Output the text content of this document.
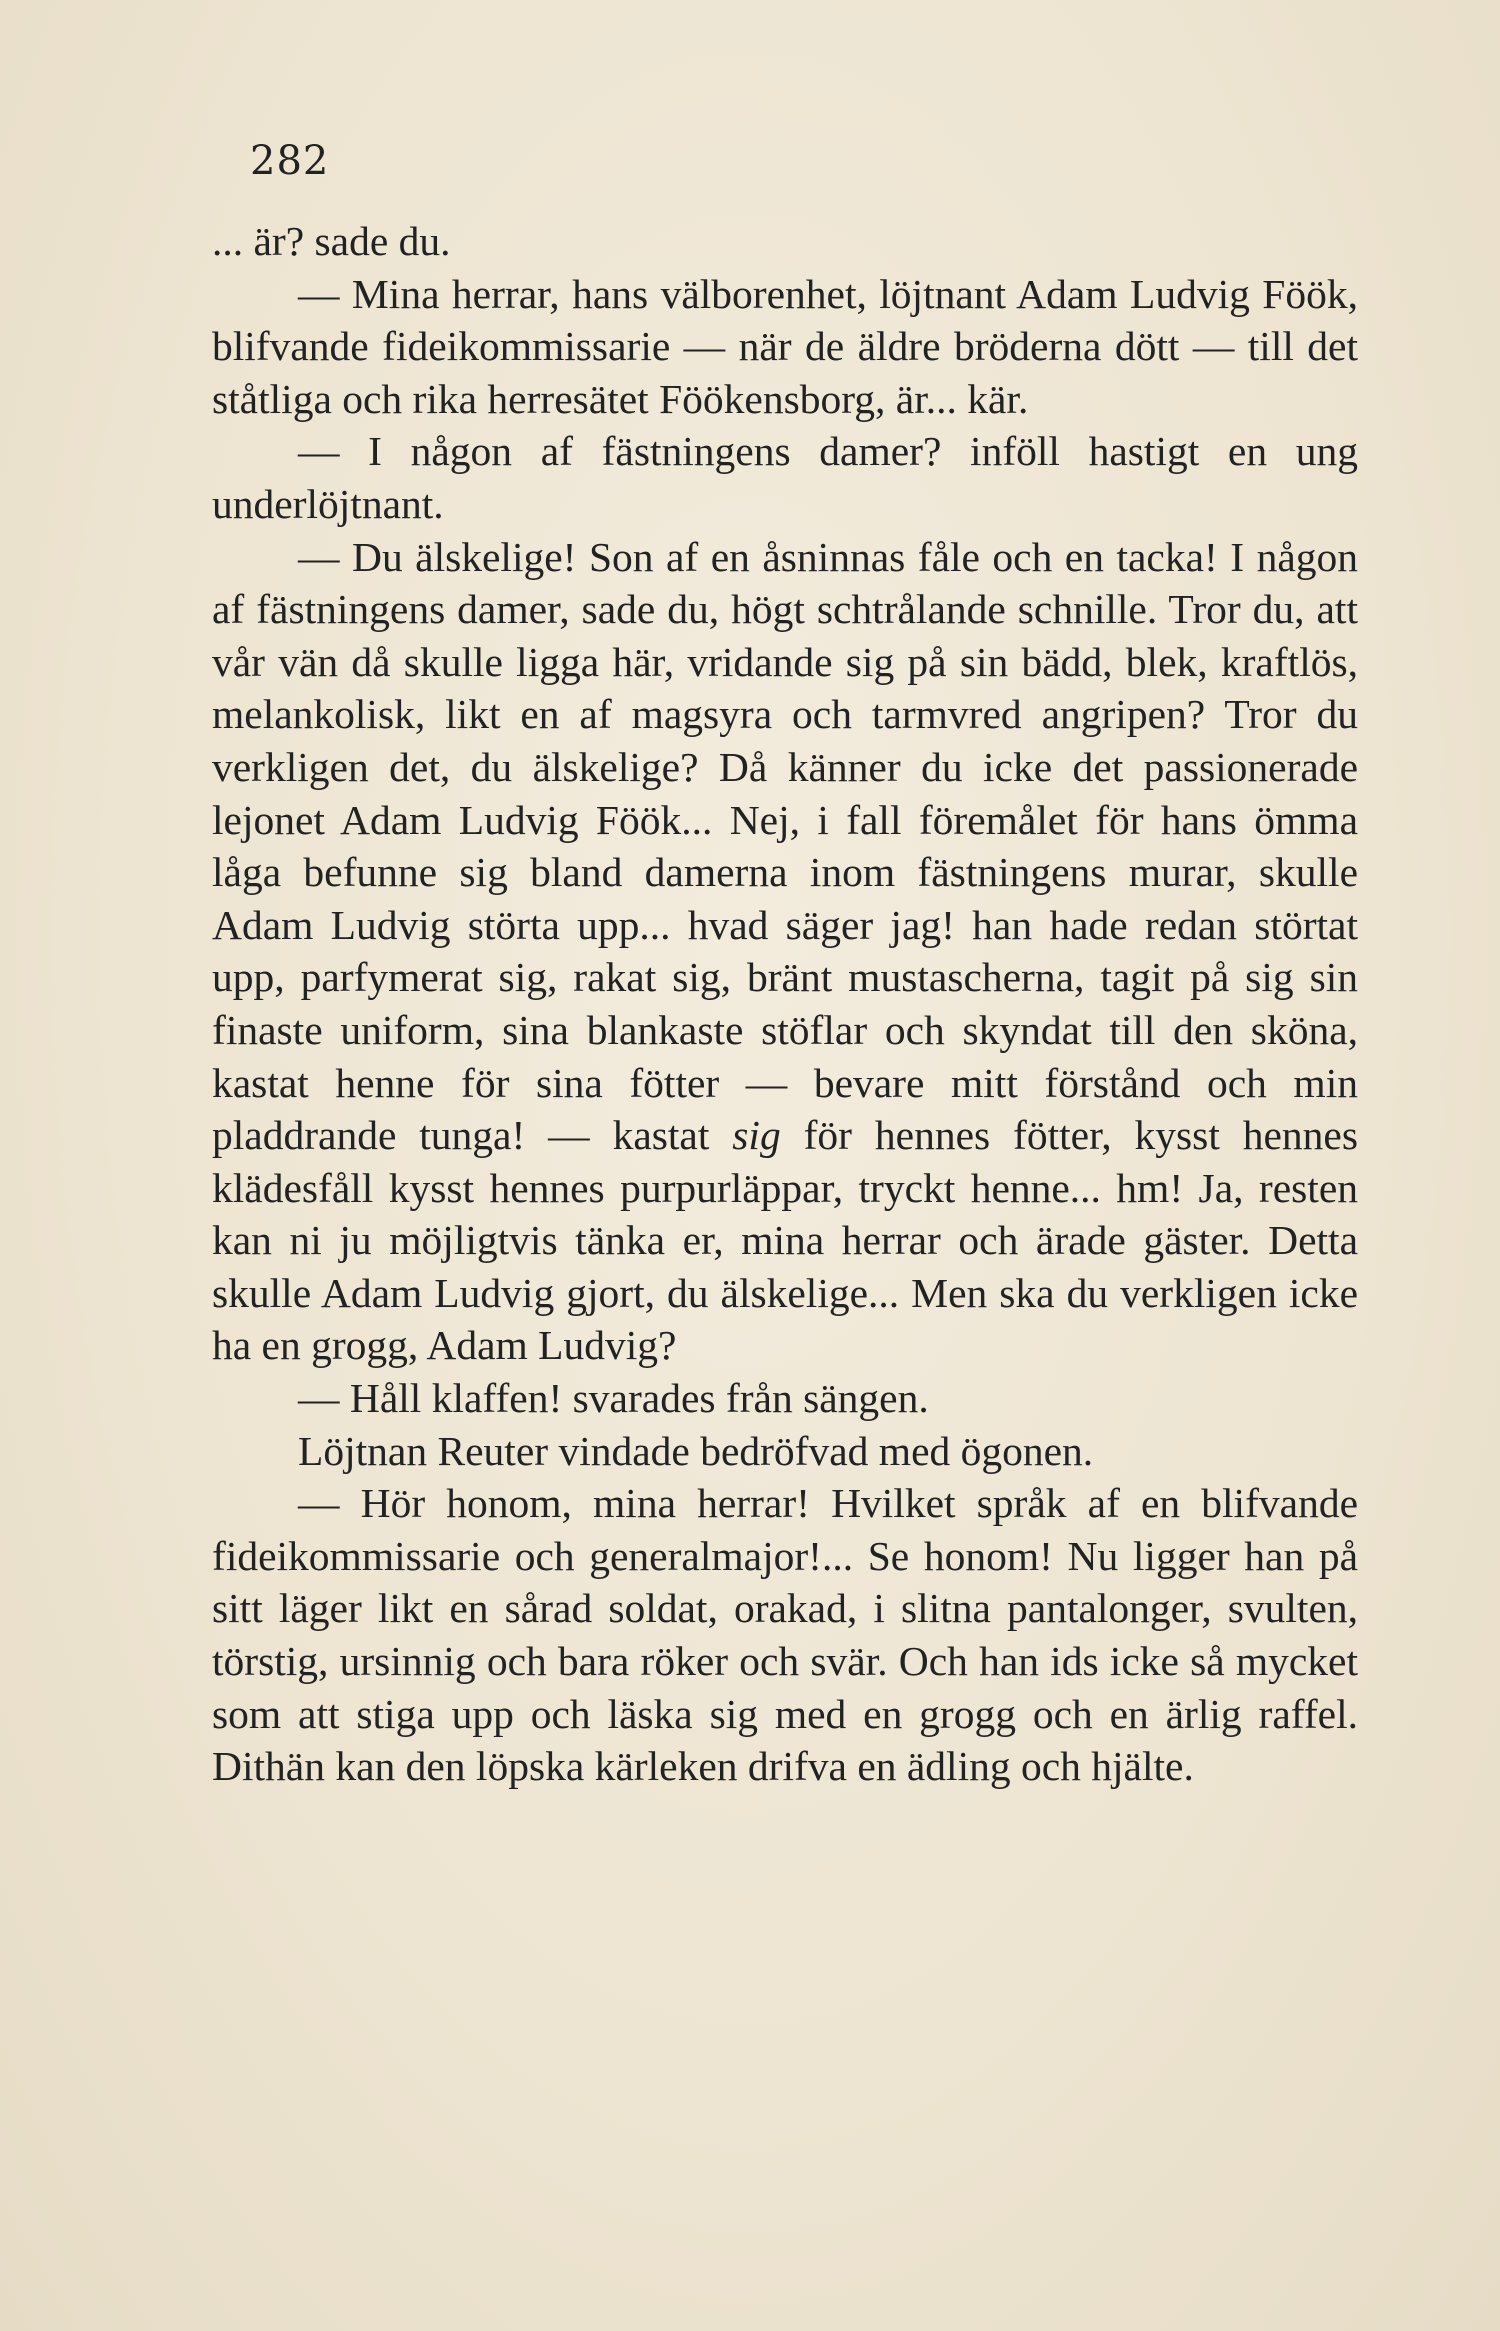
282

... är? sade du.

— Mina herrar, hans välborenhet, löjtnant Adam Ludvig Föök, blifvande fideikommissarie — när de äldre bröderna dött — till det ståtliga och rika herresätet Föökensborg, är... kär.

— I någon af fästningens damer? inföll hastigt en ung underlöjtnant.

— Du älskelige! Son af en åsninnas fåle och en tacka! I någon af fästningens damer, sade du, högt schtrålande schnille. Tror du, att vår vän då skulle ligga här, vridande sig på sin bädd, blek, kraftlös, melankolisk, likt en af magsyra och tarmvred angripen? Tror du verkligen det, du älskelige? Då känner du icke det passionerade lejonet Adam Ludvig Föök... Nej, i fall föremålet för hans ömma låga befunne sig bland damerna inom fästningens murar, skulle Adam Ludvig störta upp... hvad säger jag! han hade redan störtat upp, parfymerat sig, rakat sig, bränt mustascherna, tagit på sig sin finaste uniform, sina blankaste stöflar och skyndat till den sköna, kastat henne för sina fötter — bevare mitt förstånd och min pladdrande tunga! — kastat sig för hennes fötter, kysst hennes klädesfåll kysst hennes purpurläppar, tryckt henne... hm! Ja, resten kan ni ju möjligtvis tänka er, mina herrar och ärade gäster. Detta skulle Adam Ludvig gjort, du älskelige... Men ska du verkligen icke ha en grogg, Adam Ludvig?

— Håll klaffen! svarades från sängen.

Löjtnan Reuter vindade bedröfvad med ögonen.

— Hör honom, mina herrar! Hvilket språk af en blifvande fideikommissarie och generalmajor!... Se honom! Nu ligger han på sitt läger likt en sårad soldat, orakad, i slitna pantalonger, svulten, törstig, ursinnig och bara röker och svär. Och han ids icke så mycket som att stiga upp och läska sig med en grogg och en ärlig raffel. Dithän kan den löpska kärleken drifva en ädling och hjälte.
